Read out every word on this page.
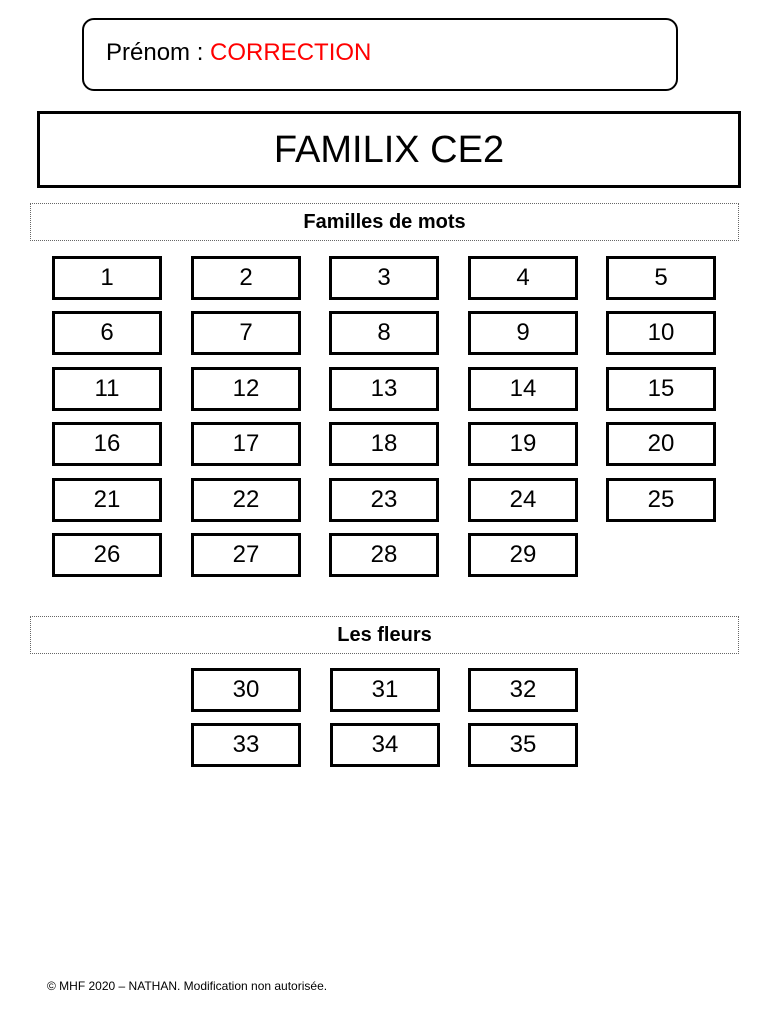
Prénom : CORRECTION
FAMILIX CE2
Familles de mots
1	2	3	4	5
6	7	8	9	10
11	12	13	14	15
16	17	18	19	20
21	22	23	24	25
26	27	28	29
Les fleurs
30	31	32
33	34	35
© MHF 2020 – NATHAN. Modification non autorisée.
